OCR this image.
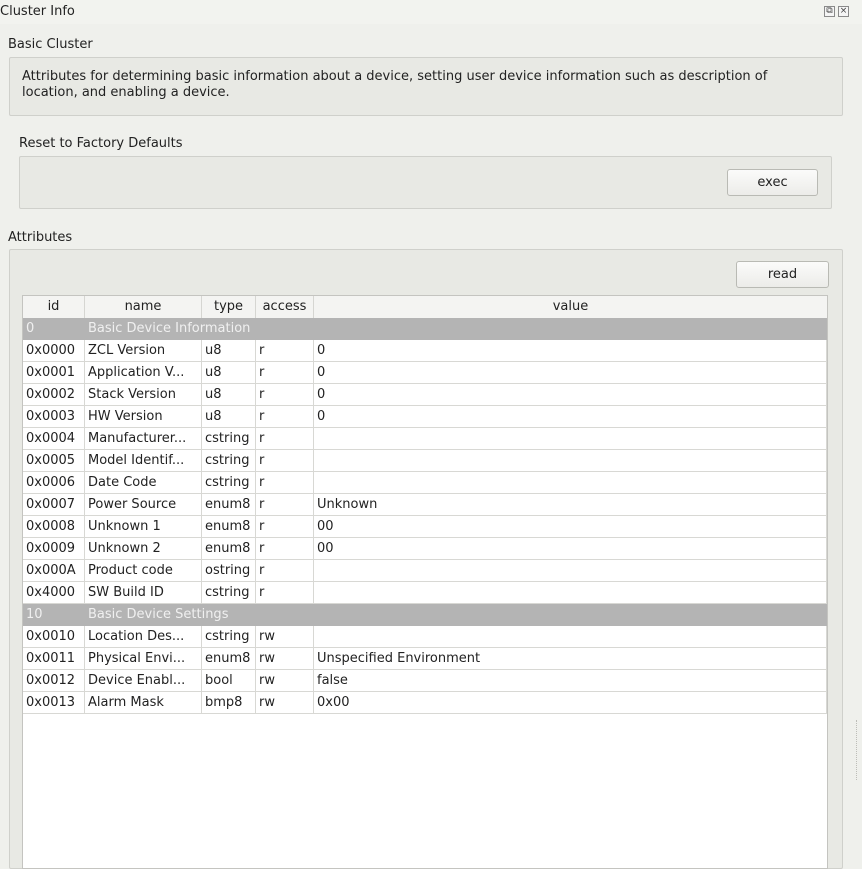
Cluster Info	⧉ ×
Basic Cluster
Attributes for determining basic information about a device, setting user device information such as description of location, and enabling a device.
Reset to Factory Defaults
exec
Attributes
read
id	name	type	access	value
0	Basic Device Information
0x0000 ZCL Version	u8	r	0
0x0001 Application V...	u8	r	0
0x0002 Stack Version	u8	r	0
0x0003 HW Version	u8	r	0
0x0004 Manufacturer...	cstring r
0x0005 Model Identif...	cstring r
0x0006 Date Code	cstring r
0x0007 Power Source	enum8 r	Unknown
0x0008 Unknown 1	enum8 r	00
0x0009 Unknown 2	enum8 r	00
0x000A Product code	ostring r
0x4000 SW Build ID	cstring r
10	Basic Device Settings
0x0010 Location Des...	cstring rw
0x0011 Physical Envi...	enum8 rw	Unspecified Environment
0x0012 Device Enabl...	bool	rw	false
0x0013 Alarm Mask	bmp8	rw	0x00
